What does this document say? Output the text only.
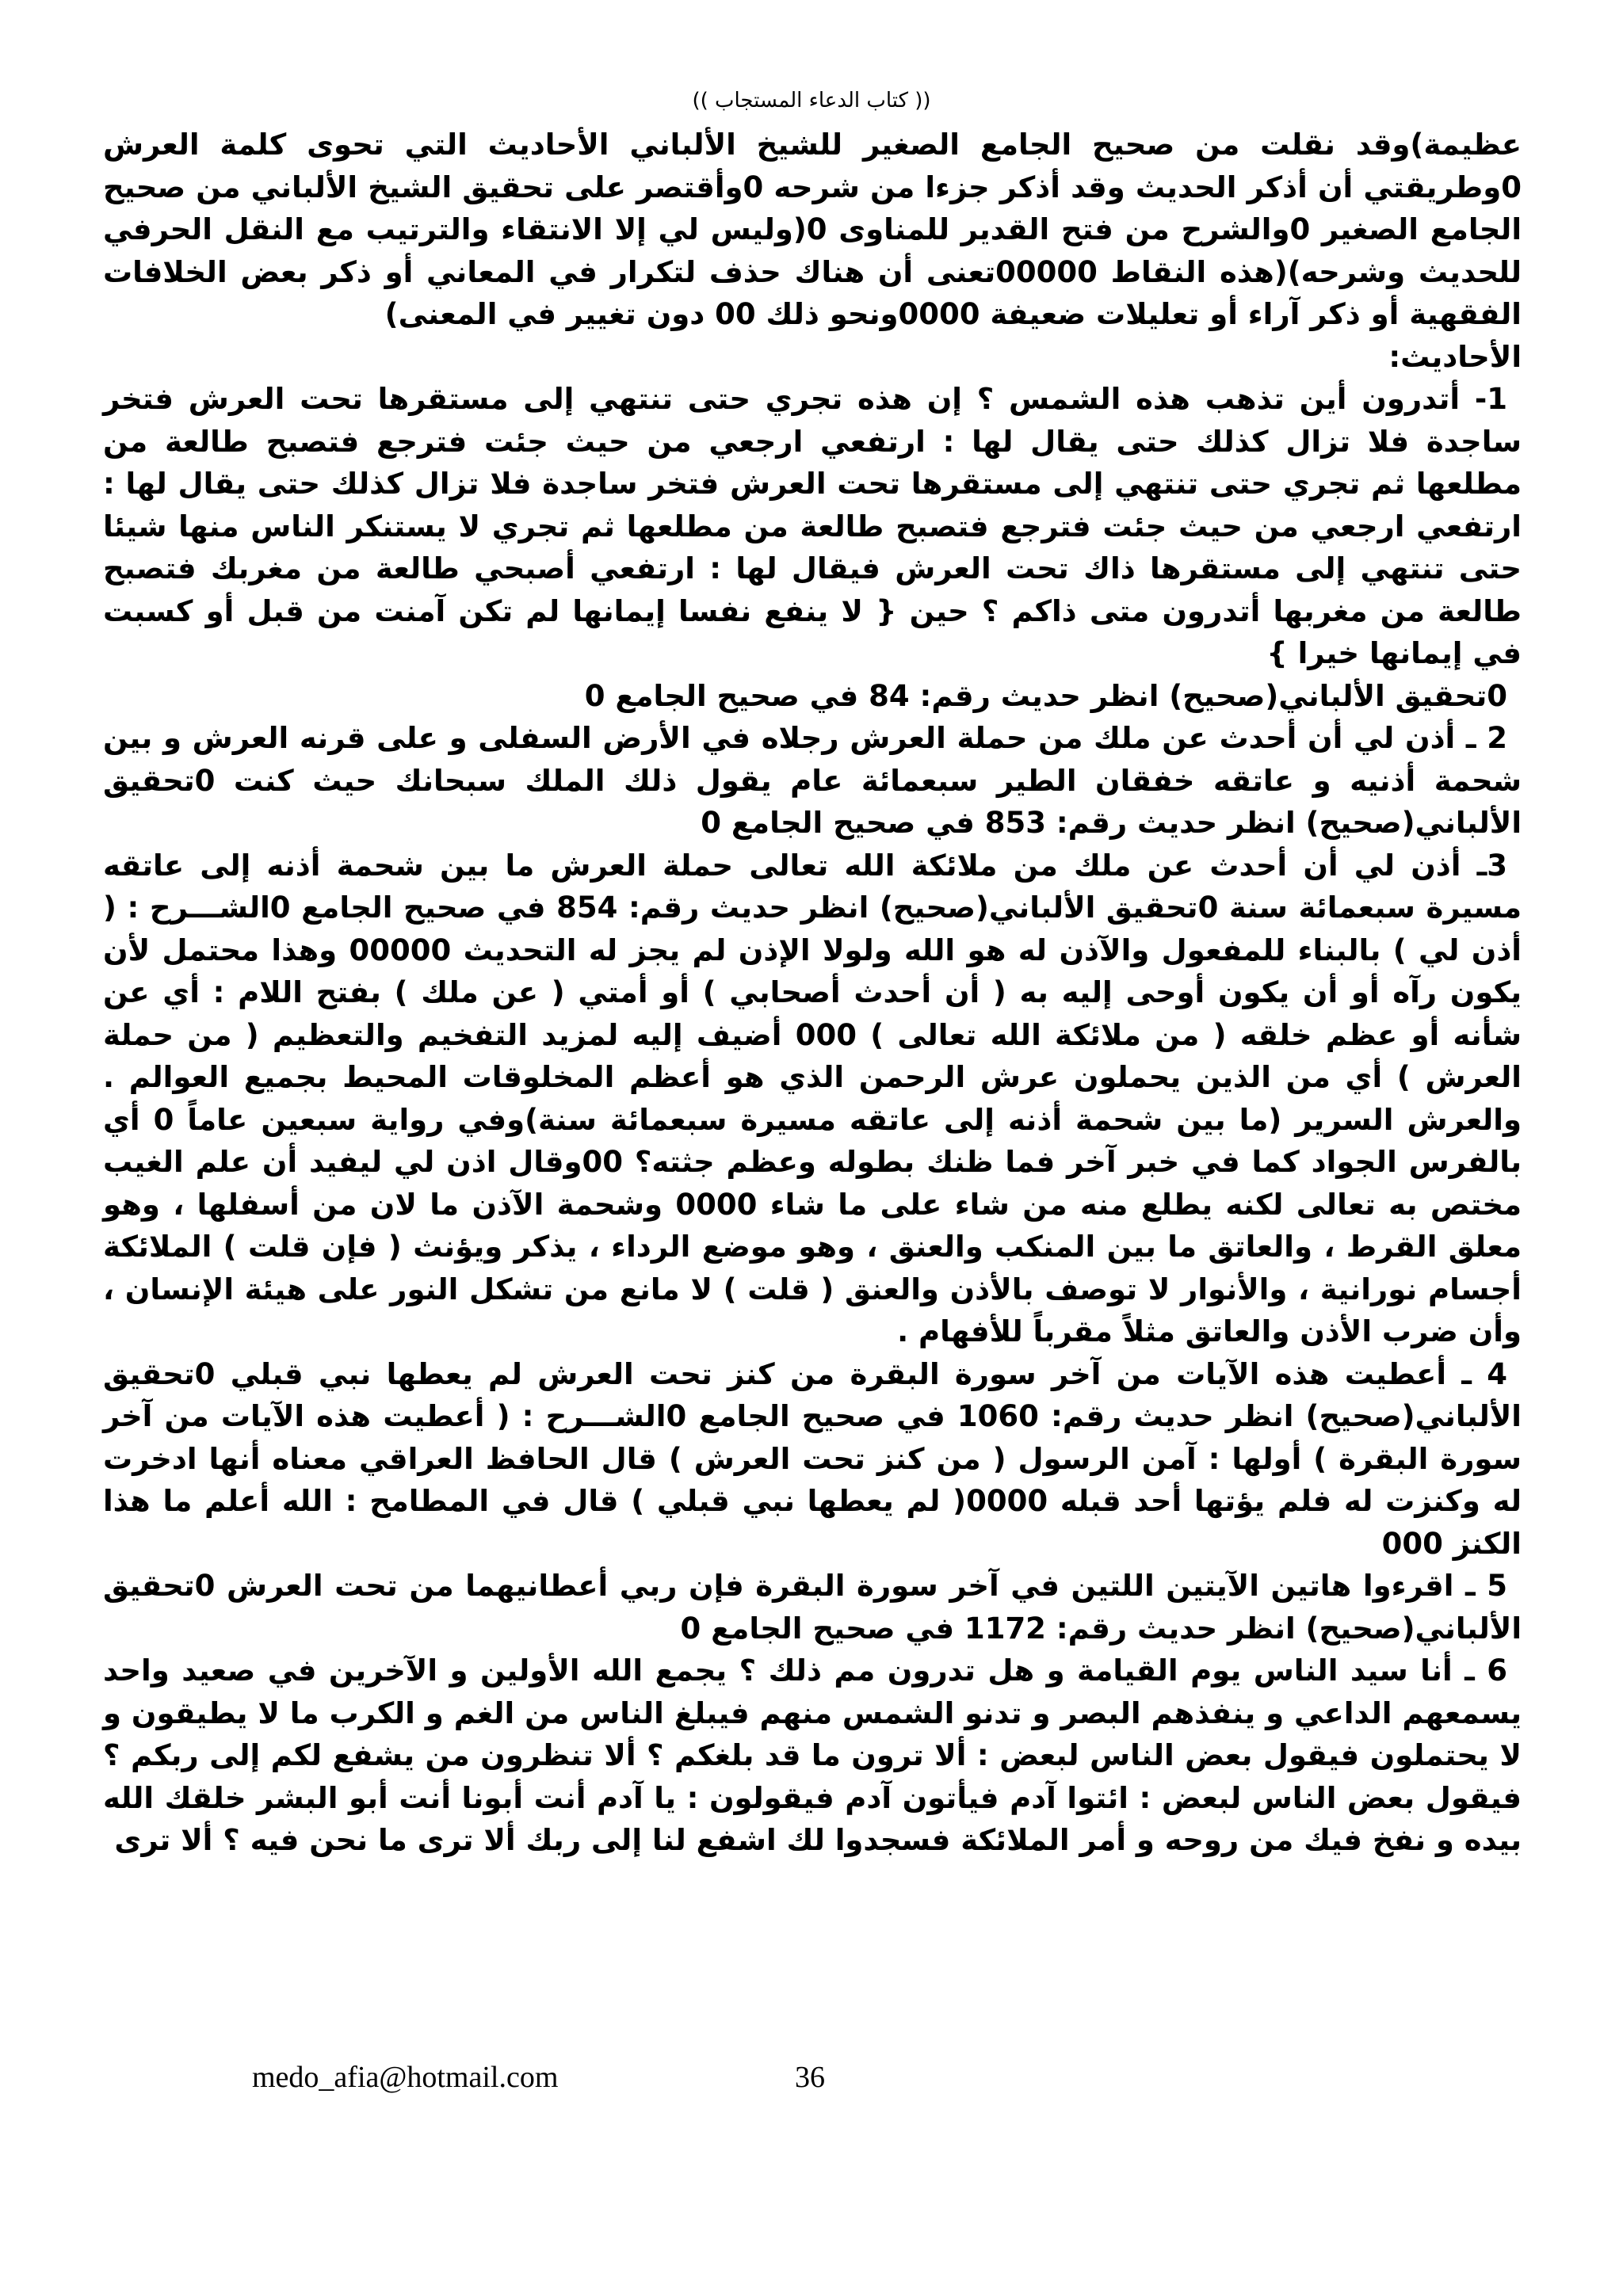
(( كتاب الدعاء المستجاب ))

عظيمة)وقد نقلت من صحيح الجامع الصغير للشيخ الألباني الأحاديث التي تحوى كلمة العرش 0وطريقتي أن أذكر الحديث وقد أذكر جزءا من شرحه 0وأقتصر على تحقيق الشيخ الألباني من صحيح الجامع الصغير 0والشرح من فتح القدير للمناوى 0(وليس لي إلا الانتقاء والترتيب مع النقل الحرفي للحديث وشرحه)(هذه النقاط 00000تعنى أن هناك حذف لتكرار في المعاني أو ذكر بعض الخلافات الفقهية أو ذكر آراء أو تعليلات ضعيفة 0000ونحو ذلك 00 دون تغيير في المعنى)

الأحاديث:

1- أتدرون أين تذهب هذه الشمس ؟ إن هذه تجري حتى تنتهي إلى مستقرها تحت العرش فتخر ساجدة فلا تزال كذلك حتى يقال لها : ارتفعي ارجعي من حيث جئت فترجع فتصبح طالعة من مطلعها ثم تجري حتى تنتهي إلى مستقرها تحت العرش فتخر ساجدة فلا تزال كذلك حتى يقال لها : ارتفعي ارجعي من حيث جئت فترجع فتصبح طالعة من مطلعها ثم تجري لا يستنكر الناس منها شيئا حتى تنتهي إلى مستقرها ذاك تحت العرش فيقال لها : ارتفعي أصبحي طالعة من مغربك فتصبح طالعة من مغربها أتدرون متى ذاكم ؟ حين { لا ينفع نفسا إيمانها لم تكن آمنت من قبل أو كسبت في إيمانها خيرا }

0تحقيق الألباني(صحيح) انظر حديث رقم: 84 في صحيح الجامع 0

2 ـ أذن لي أن أحدث عن ملك من حملة العرش رجلاه في الأرض السفلى و على قرنه العرش و بين شحمة أذنيه و عاتقه خفقان الطير سبعمائة عام يقول ذلك الملك سبحانك حيث كنت 0تحقيق الألباني(صحيح) انظر حديث رقم: 853 في صحيح الجامع 0

3ـ أذن لي أن أحدث عن ملك من ملائكة الله تعالى حملة العرش ما بين شحمة أذنه إلى عاتقه مسيرة سبعمائة سنة 0تحقيق الألباني(صحيح) انظر حديث رقم: 854 في صحيح الجامع 0الشـــرح : ( أذن لي ) بالبناء للمفعول والآذن له هو الله ولولا الإذن لم يجز له التحديث 00000 وهذا محتمل لأن يكون رآه أو أن يكون أوحى إليه به ( أن أحدث أصحابي ) أو أمتي ( عن ملك ) بفتح اللام : أي عن شأنه أو عظم خلقه ( من ملائكة الله تعالى ) 000 أضيف إليه لمزيد التفخيم والتعظيم ( من حملة العرش ) أي من الذين يحملون عرش الرحمن الذي هو أعظم المخلوقات المحيط بجميع العوالم . والعرش السرير (ما بين شحمة أذنه إلى عاتقه مسيرة سبعمائة سنة)وفي رواية سبعين عاماً 0 أي بالفرس الجواد كما في خبر آخر فما ظنك بطوله وعظم جثته؟ 00وقال اذن لي ليفيد أن علم الغيب مختص به تعالى لكنه يطلع منه من شاء على ما شاء 0000 وشحمة الآذن ما لان من أسفلها ، وهو معلق القرط ، والعاتق ما بين المنكب والعنق ، وهو موضع الرداء ، يذكر ويؤنث ( فإن قلت ) الملائكة أجسام نورانية ، والأنوار لا توصف بالأذن والعنق ( قلت ) لا مانع من تشكل النور على هيئة الإنسان ، وأن ضرب الأذن والعاتق مثلاً مقرباً للأفهام .

4 ـ أعطيت هذه الآيات من آخر سورة البقرة من كنز تحت العرش لم يعطها نبي قبلي 0تحقيق الألباني(صحيح) انظر حديث رقم: 1060 في صحيح الجامع 0الشـــرح : ( أعطيت هذه الآيات من آخر سورة البقرة ) أولها : آمن الرسول ( من كنز تحت العرش ) قال الحافظ العراقي معناه أنها ادخرت له وكنزت له فلم يؤتها أحد قبله 0000( لم يعطها نبي قبلي ) قال في المطامح : الله أعلم ما هذا الكنز 000

5 ـ اقرءوا هاتين الآيتين اللتين في آخر سورة البقرة فإن ربي أعطانيهما من تحت العرش 0تحقيق الألباني(صحيح) انظر حديث رقم: 1172 في صحيح الجامع 0

6 ـ أنا سيد الناس يوم القيامة و هل تدرون مم ذلك ؟ يجمع الله الأولين و الآخرين في صعيد واحد يسمعهم الداعي و ينفذهم البصر و تدنو الشمس منهم فيبلغ الناس من الغم و الكرب ما لا يطيقون و لا يحتملون فيقول بعض الناس لبعض : ألا ترون ما قد بلغكم ؟ ألا تنظرون من يشفع لكم إلى ربكم ؟ فيقول بعض الناس لبعض : ائتوا آدم فيأتون آدم فيقولون : يا آدم أنت أبونا أنت أبو البشر خلقك الله بيده و نفخ فيك من روحه و أمر الملائكة فسجدوا لك اشفع لنا إلى ربك ألا ترى ما نحن فيه ؟ ألا ترى

medo_afia@hotmail.com	36
